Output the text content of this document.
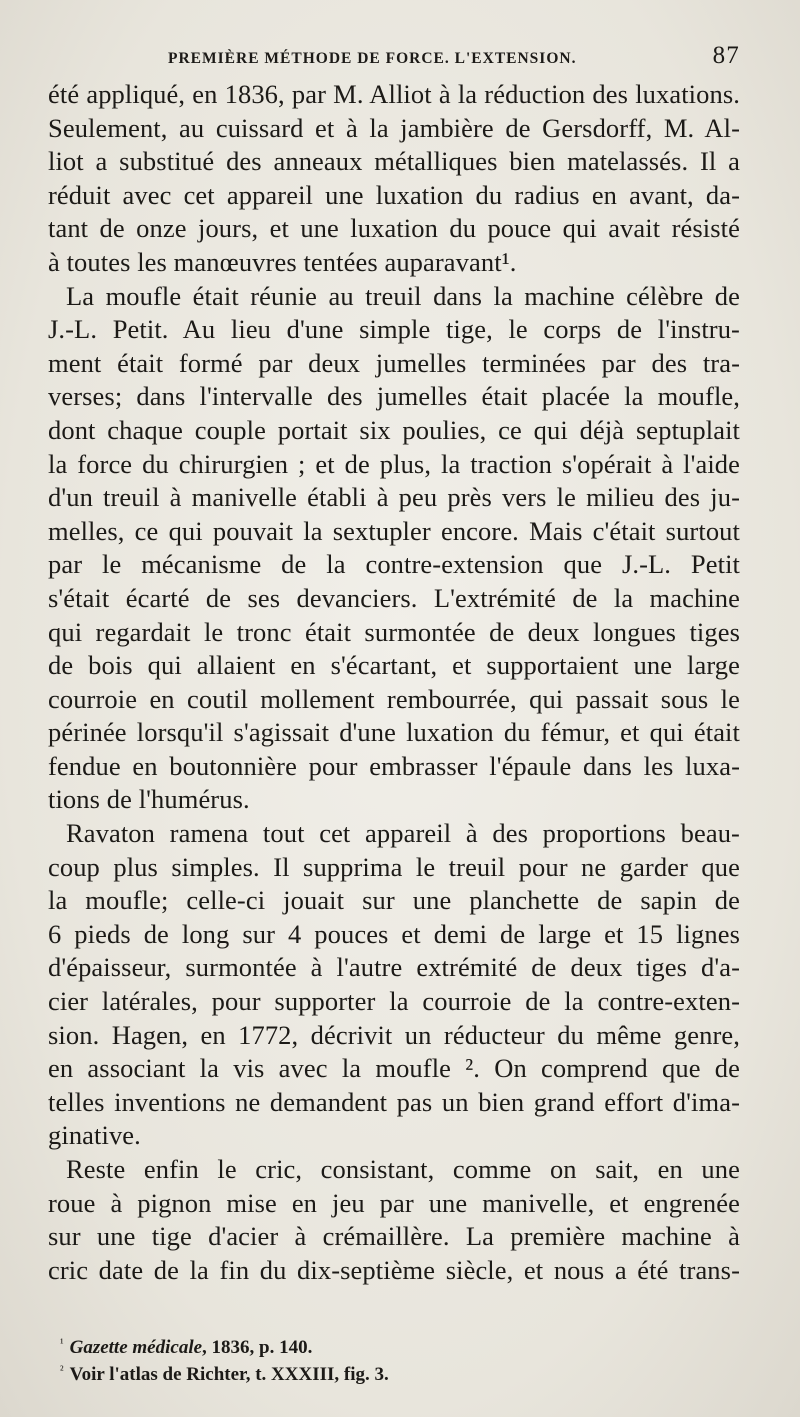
PREMIÈRE MÉTHODE DE FORCE. L'EXTENSION.	87
été appliqué, en 1836, par M. Alliot à la réduction des luxations.
Seulement, au cuissard et à la jambière de Gersdorff, M. Al-
liot a substitué des anneaux métalliques bien matelassés. Il a
réduit avec cet appareil une luxation du radius en avant, da-
tant de onze jours, et une luxation du pouce qui avait résisté
à toutes les manœuvres tentées auparavant¹.
La moufle était réunie au treuil dans la machine célèbre de
J.-L. Petit. Au lieu d'une simple tige, le corps de l'instru-
ment était formé par deux jumelles terminées par des tra-
verses; dans l'intervalle des jumelles était placée la moufle,
dont chaque couple portait six poulies, ce qui déjà septuplait
la force du chirurgien ; et de plus, la traction s'opérait à l'aide
d'un treuil à manivelle établi à peu près vers le milieu des ju-
melles, ce qui pouvait la sextupler encore. Mais c'était surtout
par le mécanisme de la contre-extension que J.-L. Petit
s'était écarté de ses devanciers. L'extrémité de la machine
qui regardait le tronc était surmontée de deux longues tiges
de bois qui allaient en s'écartant, et supportaient une large
courroie en coutil mollement rembourrée, qui passait sous le
périnée lorsqu'il s'agissait d'une luxation du fémur, et qui était
fendue en boutonnière pour embrasser l'épaule dans les luxa-
tions de l'humérus.
Ravaton ramena tout cet appareil à des proportions beau-
coup plus simples. Il supprima le treuil pour ne garder que
la moufle; celle-ci jouait sur une planchette de sapin de
6 pieds de long sur 4 pouces et demi de large et 15 lignes
d'épaisseur, surmontée à l'autre extrémité de deux tiges d'a-
cier latérales, pour supporter la courroie de la contre-exten-
sion. Hagen, en 1772, décrivit un réducteur du même genre,
en associant la vis avec la moufle ². On comprend que de
telles inventions ne demandent pas un bien grand effort d'ima-
ginative.
Reste enfin le cric, consistant, comme on sait, en une
roue à pignon mise en jeu par une manivelle, et engrenée
sur une tige d'acier à crémaillère. La première machine à
cric date de la fin du dix-septième siècle, et nous a été trans-
$^{^1}$ Gazette médicale, 1836, p. 140.
$^{^2}$ Voir l'atlas de Richter, t. XXXIII, fig. 3.
